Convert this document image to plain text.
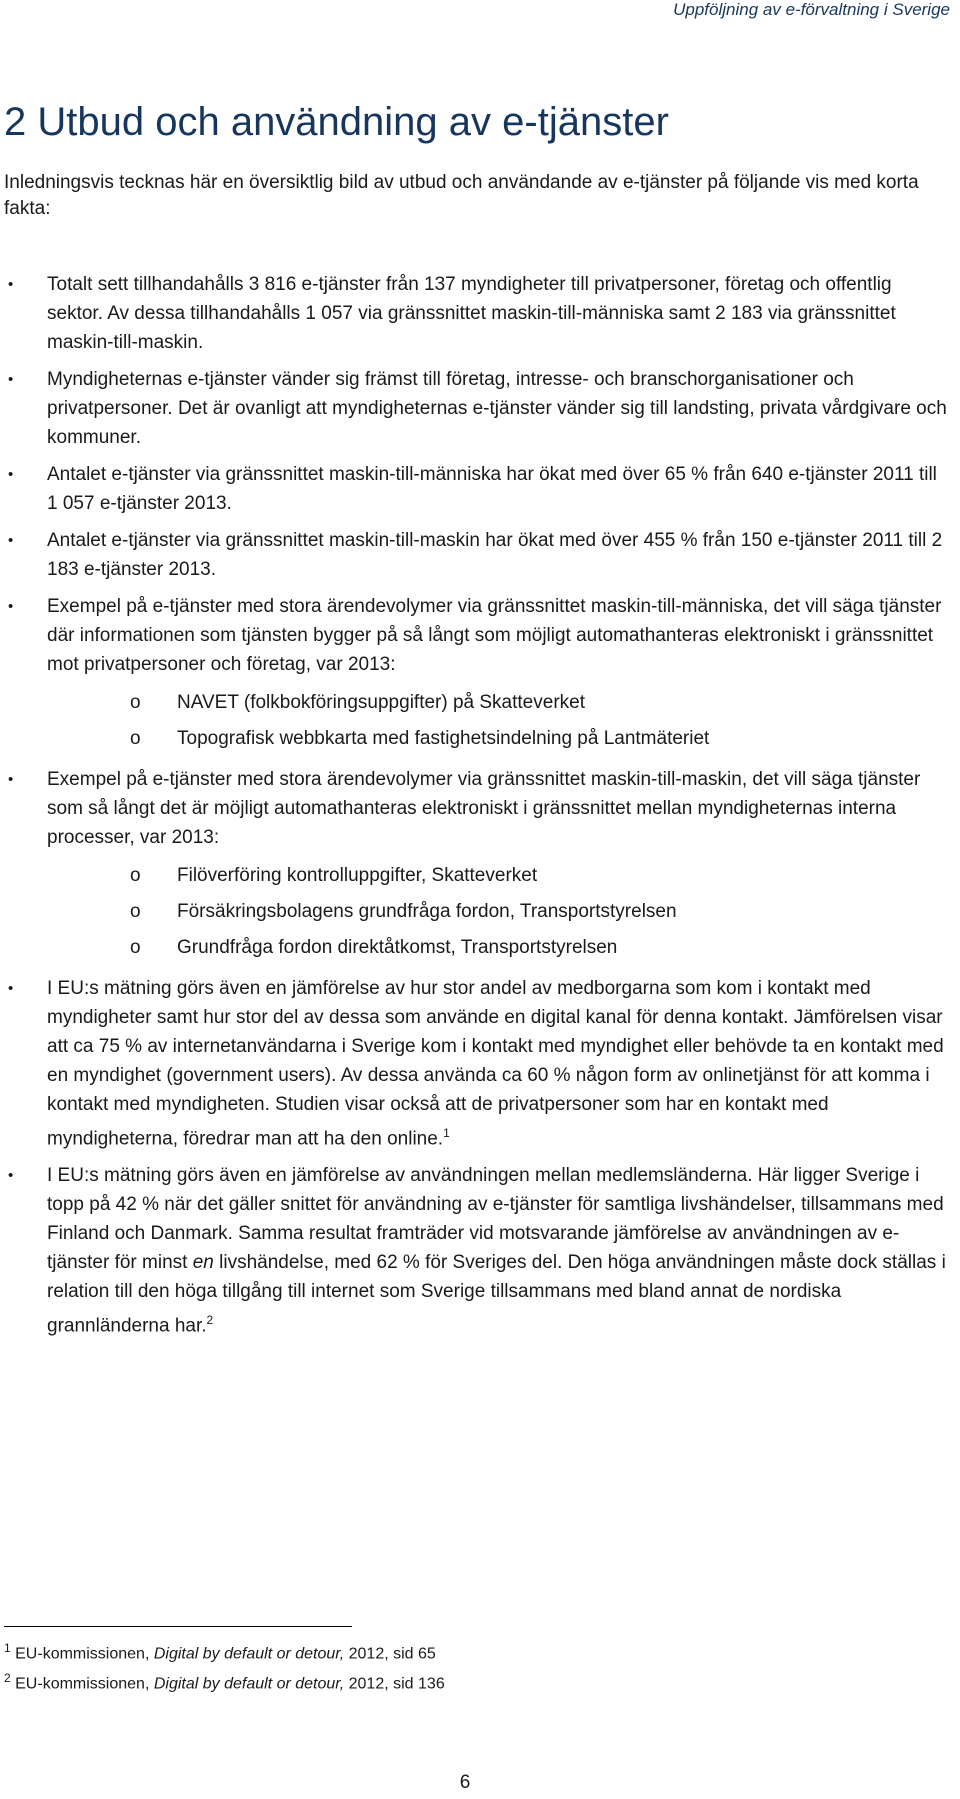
Uppföljning av e-förvaltning i Sverige
2 Utbud och användning av e-tjänster

Inledningsvis tecknas här en översiktlig bild av utbud och användande av e-tjänster på följande vis med korta fakta:

• Totalt sett tillhandahålls 3 816 e-tjänster från 137 myndigheter till privatpersoner, företag och offentlig sektor. Av dessa tillhandahålls 1 057 via gränssnittet maskin-till-människa samt 2 183 via gränssnittet maskin-till-maskin.
• Myndigheternas e-tjänster vänder sig främst till företag, intresse- och branschorganisationer och privatpersoner. Det är ovanligt att myndigheternas e-tjänster vänder sig till landsting, privata vårdgivare och kommuner.
• Antalet e-tjänster via gränssnittet maskin-till-människa har ökat med över 65 % från 640 e-tjänster 2011 till 1 057 e-tjänster 2013.
• Antalet e-tjänster via gränssnittet maskin-till-maskin har ökat med över 455 % från 150 e-tjänster 2011 till 2 183 e-tjänster 2013.
• Exempel på e-tjänster med stora ärendevolymer via gränssnittet maskin-till-människa, det vill säga tjänster där informationen som tjänsten bygger på så långt som möjligt automathanteras elektroniskt i gränssnittet mot privatpersoner och företag, var 2013:
o NAVET (folkbokföringsuppgifter) på Skatteverket
o Topografisk webbkarta med fastighetsindelning på Lantmäteriet
• Exempel på e-tjänster med stora ärendevolymer via gränssnittet maskin-till-maskin, det vill säga tjänster som så långt det är möjligt automathanteras elektroniskt i gränssnittet mellan myndigheternas interna processer, var 2013:
o Filöverföring kontrolluppgifter, Skatteverket
o Försäkringsbolagens grundfråga fordon, Transportstyrelsen
o Grundfråga fordon direktåtkomst, Transportstyrelsen
• I EU:s mätning görs även en jämförelse av hur stor andel av medborgarna som kom i kontakt med myndigheter samt hur stor del av dessa som använde en digital kanal för denna kontakt. Jämförelsen visar att ca 75 % av internetanvändarna i Sverige kom i kontakt med myndighet eller behövde ta en kontakt med en myndighet (government users). Av dessa använda ca 60 % någon form av onlinetjänst för att komma i kontakt med myndigheten. Studien visar också att de privatpersoner som har en kontakt med myndigheterna, föredrar man att ha den online.$^1$
• I EU:s mätning görs även en jämförelse av användningen mellan medlemsländerna. Här ligger Sverige i topp på 42 % när det gäller snittet för användning av e-tjänster för samtliga livshändelser, tillsammans med Finland och Danmark. Samma resultat framträder vid motsvarande jämförelse av användningen av e-tjänster för minst en livshändelse, med 62 % för Sveriges del. Den höga användningen måste dock ställas i relation till den höga tillgång till internet som Sverige tillsammans med bland annat de nordiska grannländerna har.$^2$
$^1$ EU-kommissionen, Digital by default or detour, 2012, sid 65
$^2$ EU-kommissionen, Digital by default or detour, 2012, sid 136
6
